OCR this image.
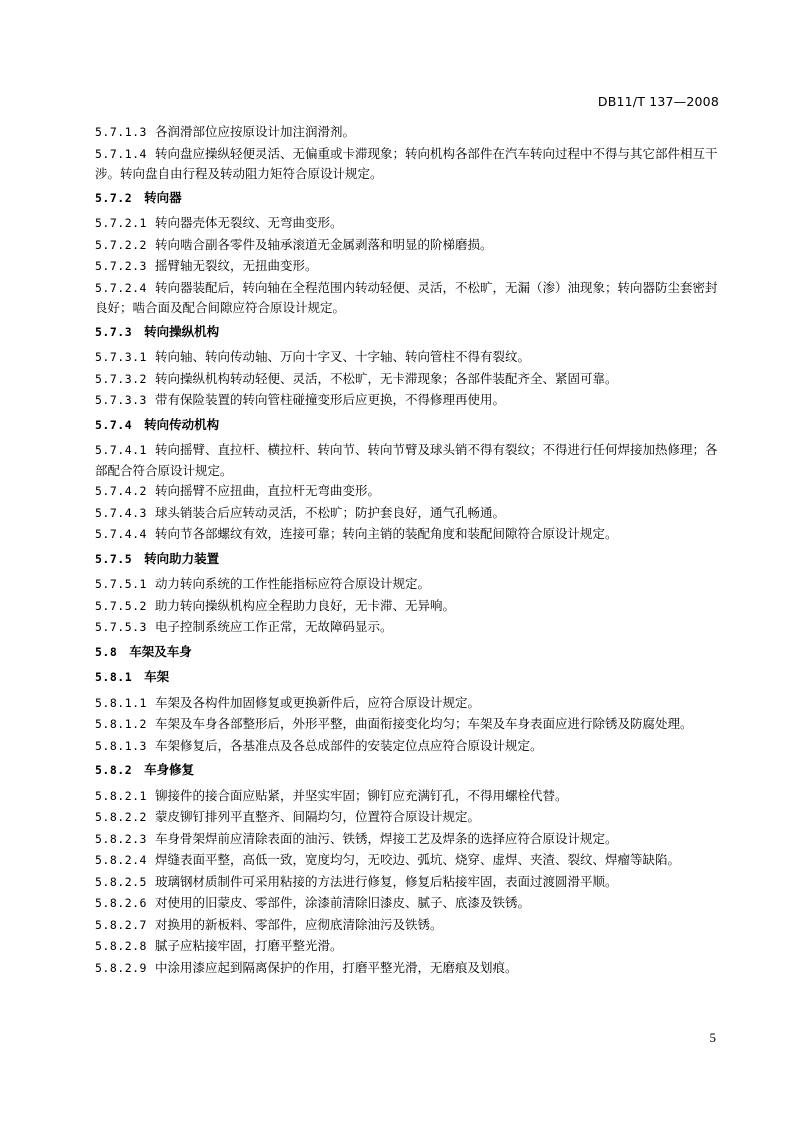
DB11/T 137—2008
5.7.1.3 各润滑部位应按原设计加注润滑剂。
5.7.1.4 转向盘应操纵轻便灵活、无偏重或卡滞现象；转向机构各部件在汽车转向过程中不得与其它部件相互干涉。转向盘自由行程及转动阻力矩符合原设计规定。
5.7.2 转向器
5.7.2.1 转向器壳体无裂纹、无弯曲变形。
5.7.2.2 转向啮合副各零件及轴承滚道无金属剥落和明显的阶梯磨损。
5.7.2.3 摇臂轴无裂纹，无扭曲变形。
5.7.2.4 转向器装配后，转向轴在全程范围内转动轻便、灵活，不松旷，无漏（渗）油现象；转向器防尘套密封良好；啮合面及配合间隙应符合原设计规定。
5.7.3 转向操纵机构
5.7.3.1 转向轴、转向传动轴、万向十字叉、十字轴、转向管柱不得有裂纹。
5.7.3.2 转向操纵机构转动轻便、灵活，不松旷，无卡滞现象；各部件装配齐全、紧固可靠。
5.7.3.3 带有保险装置的转向管柱碰撞变形后应更换，不得修理再使用。
5.7.4 转向传动机构
5.7.4.1 转向摇臂、直拉杆、横拉杆、转向节、转向节臂及球头销不得有裂纹；不得进行任何焊接加热修理；各部配合符合原设计规定。
5.7.4.2 转向摇臂不应扭曲，直拉杆无弯曲变形。
5.7.4.3 球头销装合后应转动灵活，不松旷；防护套良好，通气孔畅通。
5.7.4.4 转向节各部螺纹有效，连接可靠；转向主销的装配角度和装配间隙符合原设计规定。
5.7.5 转向助力装置
5.7.5.1 动力转向系统的工作性能指标应符合原设计规定。
5.7.5.2 助力转向操纵机构应全程助力良好，无卡滞、无异响。
5.7.5.3 电子控制系统应工作正常，无故障码显示。
5.8 车架及车身
5.8.1 车架
5.8.1.1 车架及各构件加固修复或更换新件后，应符合原设计规定。
5.8.1.2 车架及车身各部整形后，外形平整，曲面衔接变化均匀；车架及车身表面应进行除锈及防腐处理。
5.8.1.3 车架修复后，各基准点及各总成部件的安装定位点应符合原设计规定。
5.8.2 车身修复
5.8.2.1 铆接件的接合面应贴紧，并坚实牢固；铆钉应充满钉孔，不得用螺栓代替。
5.8.2.2 蒙皮铆钉排列平直整齐、间隔均匀，位置符合原设计规定。
5.8.2.3 车身骨架焊前应清除表面的油污、铁锈，焊接工艺及焊条的选择应符合原设计规定。
5.8.2.4 焊缝表面平整，高低一致，宽度均匀，无咬边、弧坑、烧穿、虚焊、夹渣、裂纹、焊瘤等缺陷。
5.8.2.5 玻璃钢材质制件可采用粘接的方法进行修复，修复后粘接牢固，表面过渡圆滑平顺。
5.8.2.6 对使用的旧蒙皮、零部件，涂漆前清除旧漆皮、腻子、底漆及铁锈。
5.8.2.7 对换用的新板料、零部件，应彻底清除油污及铁锈。
5.8.2.8 腻子应粘接牢固，打磨平整光滑。
5.8.2.9 中涂用漆应起到隔离保护的作用，打磨平整光滑，无磨痕及划痕。
5
